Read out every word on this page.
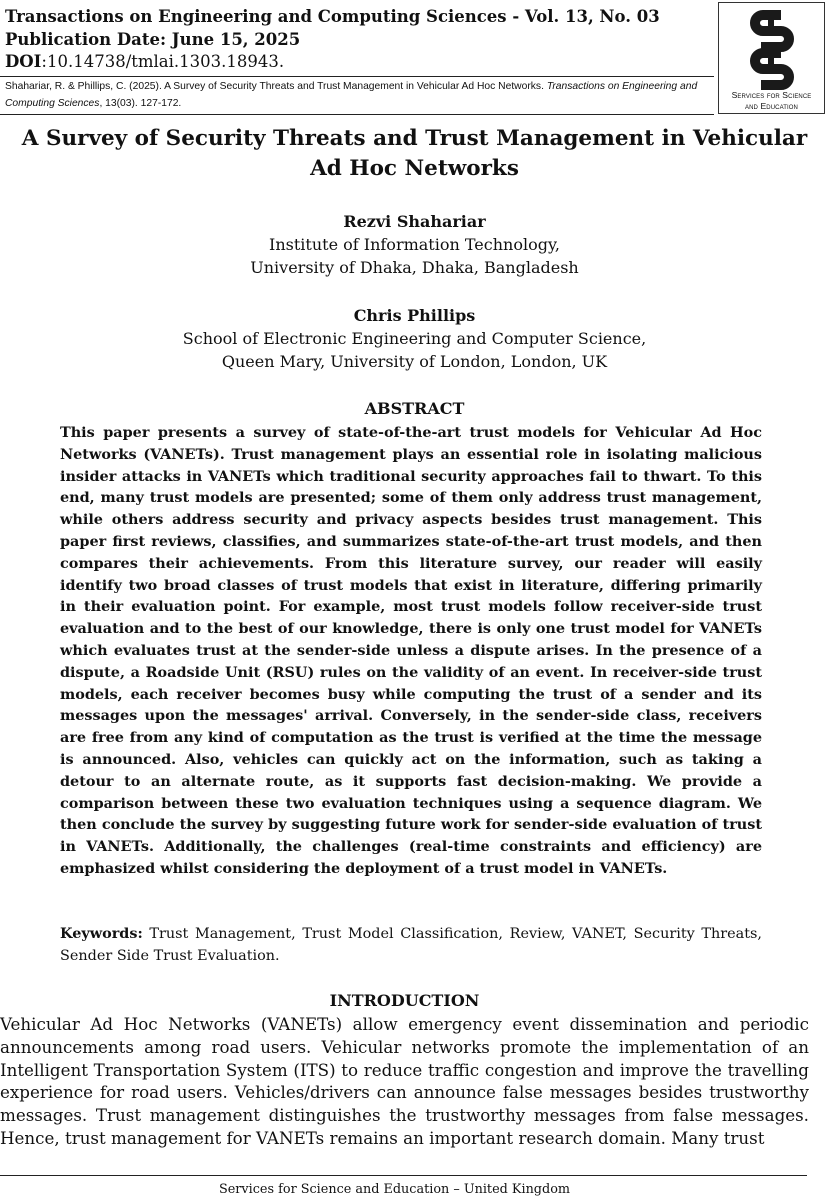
Transactions on Engineering and Computing Sciences - Vol. 13, No. 03
Publication Date: June 15, 2025
DOI:10.14738/tmlai.1303.18943.
Shahariar, R. & Phillips, C. (2025). A Survey of Security Threats and Trust Management in Vehicular Ad Hoc Networks. Transactions on Engineering and Computing Sciences, 13(03). 127-172.
Services for Science
and Education
A Survey of Security Threats and Trust Management in Vehicular
Ad Hoc Networks
Rezvi Shahariar
Institute of Information Technology,
University of Dhaka, Dhaka, Bangladesh
Chris Phillips
School of Electronic Engineering and Computer Science,
Queen Mary, University of London, London, UK
ABSTRACT
This paper presents a survey of state-of-the-art trust models for Vehicular Ad Hoc Networks (VANETs). Trust management plays an essential role in isolating malicious insider attacks in VANETs which traditional security approaches fail to thwart. To this end, many trust models are presented; some of them only address trust management, while others address security and privacy aspects besides trust management. This paper first reviews, classifies, and summarizes state-of-the-art trust models, and then compares their achievements. From this literature survey, our reader will easily identify two broad classes of trust models that exist in literature, differing primarily in their evaluation point. For example, most trust models follow receiver-side trust evaluation and to the best of our knowledge, there is only one trust model for VANETs which evaluates trust at the sender-side unless a dispute arises. In the presence of a dispute, a Roadside Unit (RSU) rules on the validity of an event. In receiver-side trust models, each receiver becomes busy while computing the trust of a sender and its messages upon the messages' arrival. Conversely, in the sender-side class, receivers are free from any kind of computation as the trust is verified at the time the message is announced. Also, vehicles can quickly act on the information, such as taking a detour to an alternate route, as it supports fast decision-making. We provide a comparison between these two evaluation techniques using a sequence diagram. We then conclude the survey by suggesting future work for sender-side evaluation of trust in VANETs. Additionally, the challenges (real-time constraints and efficiency) are emphasized whilst considering the deployment of a trust model in VANETs.
Keywords: Trust Management, Trust Model Classification, Review, VANET, Security Threats, Sender Side Trust Evaluation.
INTRODUCTION
Vehicular Ad Hoc Networks (VANETs) allow emergency event dissemination and periodic announcements among road users. Vehicular networks promote the implementation of an Intelligent Transportation System (ITS) to reduce traffic congestion and improve the travelling experience for road users. Vehicles/drivers can announce false messages besides trustworthy messages. Trust management distinguishes the trustworthy messages from false messages. Hence, trust management for VANETs remains an important research domain. Many trust
Services for Science and Education – United Kingdom
